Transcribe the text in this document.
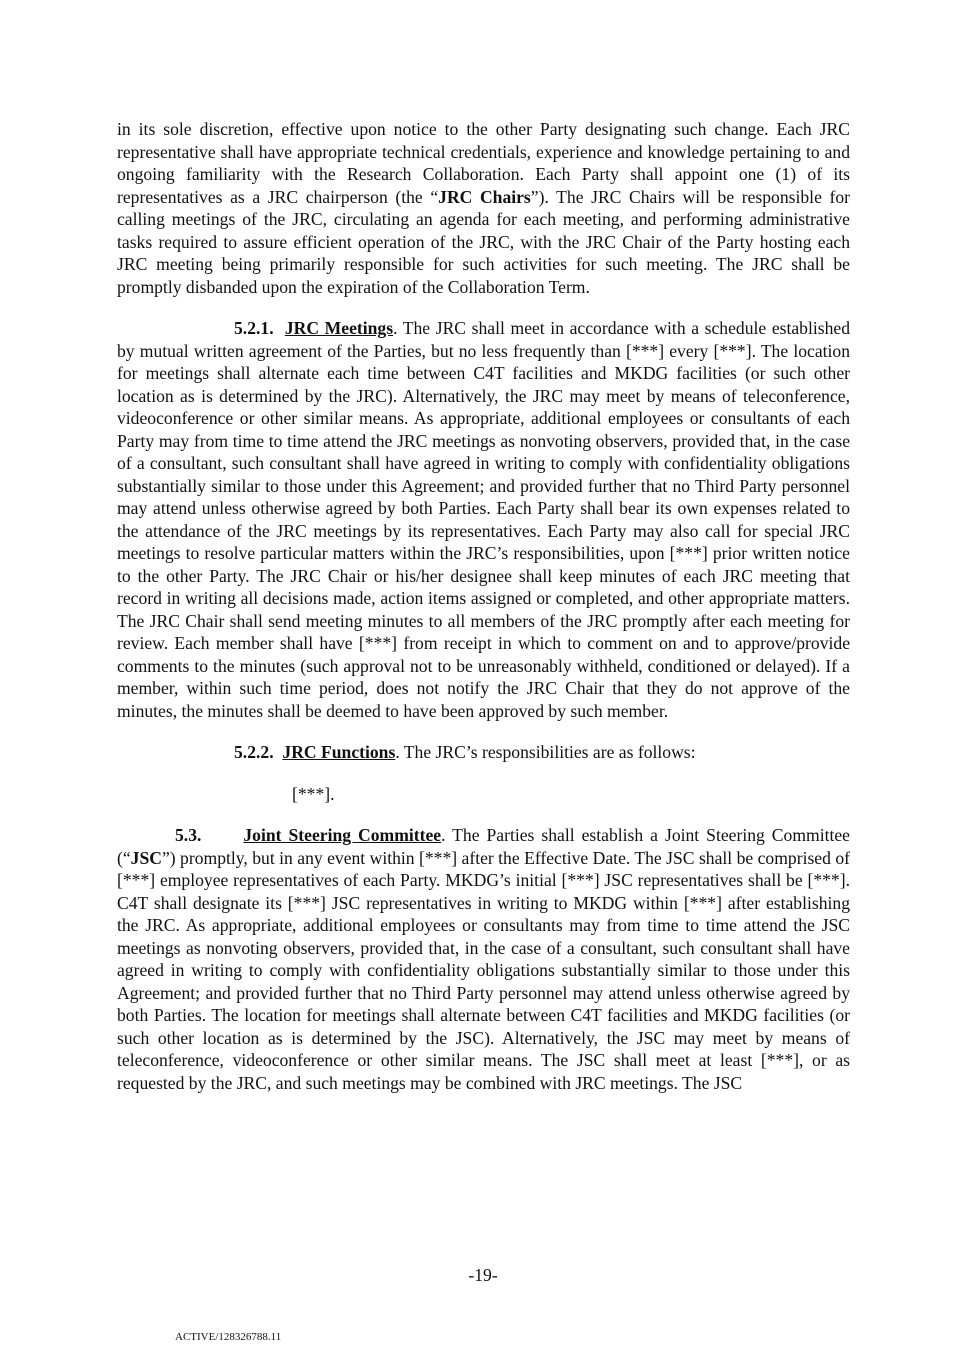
in its sole discretion, effective upon notice to the other Party designating such change. Each JRC representative shall have appropriate technical credentials, experience and knowledge pertaining to and ongoing familiarity with the Research Collaboration. Each Party shall appoint one (1) of its representatives as a JRC chairperson (the “JRC Chairs”). The JRC Chairs will be responsible for calling meetings of the JRC, circulating an agenda for each meeting, and performing administrative tasks required to assure efficient operation of the JRC, with the JRC Chair of the Party hosting each JRC meeting being primarily responsible for such activities for such meeting. The JRC shall be promptly disbanded upon the expiration of the Collaboration Term.

5.2.1. JRC Meetings. The JRC shall meet in accordance with a schedule established by mutual written agreement of the Parties, but no less frequently than [***] every [***]. The location for meetings shall alternate each time between C4T facilities and MKDG facilities (or such other location as is determined by the JRC). Alternatively, the JRC may meet by means of teleconference, videoconference or other similar means. As appropriate, additional employees or consultants of each Party may from time to time attend the JRC meetings as nonvoting observers, provided that, in the case of a consultant, such consultant shall have agreed in writing to comply with confidentiality obligations substantially similar to those under this Agreement; and provided further that no Third Party personnel may attend unless otherwise agreed by both Parties. Each Party shall bear its own expenses related to the attendance of the JRC meetings by its representatives. Each Party may also call for special JRC meetings to resolve particular matters within the JRC’s responsibilities, upon [***] prior written notice to the other Party. The JRC Chair or his/her designee shall keep minutes of each JRC meeting that record in writing all decisions made, action items assigned or completed, and other appropriate matters. The JRC Chair shall send meeting minutes to all members of the JRC promptly after each meeting for review. Each member shall have [***] from receipt in which to comment on and to approve/provide comments to the minutes (such approval not to be unreasonably withheld, conditioned or delayed). If a member, within such time period, does not notify the JRC Chair that they do not approve of the minutes, the minutes shall be deemed to have been approved by such member.

5.2.2. JRC Functions. The JRC’s responsibilities are as follows:

[***].

5.3. Joint Steering Committee. The Parties shall establish a Joint Steering Committee (“JSC”) promptly, but in any event within [***] after the Effective Date. The JSC shall be comprised of [***] employee representatives of each Party. MKDG’s initial [***] JSC representatives shall be [***]. C4T shall designate its [***] JSC representatives in writing to MKDG within [***] after establishing the JRC. As appropriate, additional employees or consultants may from time to time attend the JSC meetings as nonvoting observers, provided that, in the case of a consultant, such consultant shall have agreed in writing to comply with confidentiality obligations substantially similar to those under this Agreement; and provided further that no Third Party personnel may attend unless otherwise agreed by both Parties. The location for meetings shall alternate between C4T facilities and MKDG facilities (or such other location as is determined by the JSC). Alternatively, the JSC may meet by means of teleconference, videoconference or other similar means. The JSC shall meet at least [***], or as requested by the JRC, and such meetings may be combined with JRC meetings. The JSC

-19-
ACTIVE/128326788.11
